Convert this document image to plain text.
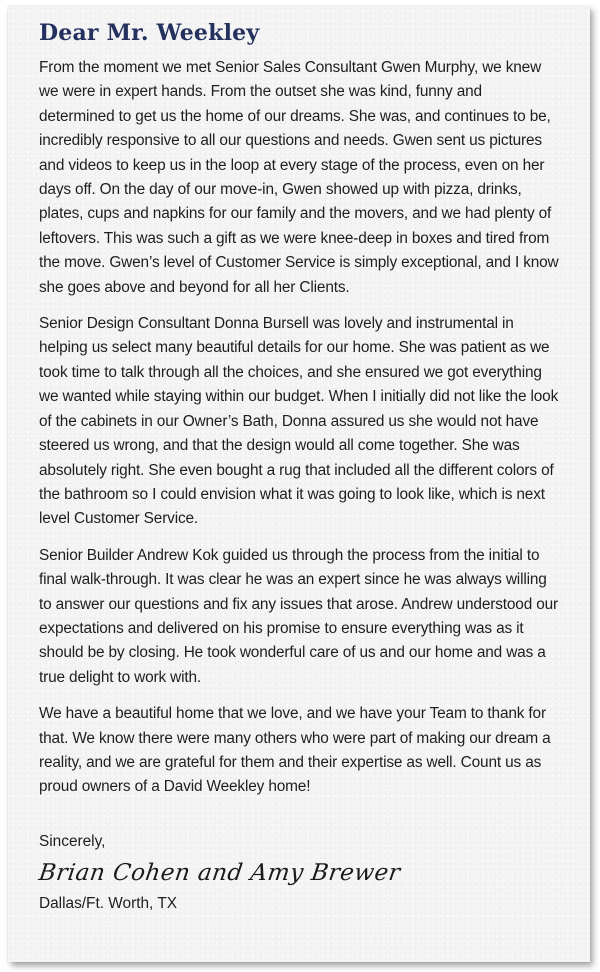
Dear Mr. Weekley

From the moment we met Senior Sales Consultant Gwen Murphy, we knew we were in expert hands. From the outset she was kind, funny and determined to get us the home of our dreams. She was, and continues to be, incredibly responsive to all our questions and needs. Gwen sent us pictures and videos to keep us in the loop at every stage of the process, even on her days off. On the day of our move-in, Gwen showed up with pizza, drinks, plates, cups and napkins for our family and the movers, and we had plenty of leftovers. This was such a gift as we were knee-deep in boxes and tired from the move. Gwen’s level of Customer Service is simply exceptional, and I know she goes above and beyond for all her Clients.

Senior Design Consultant Donna Bursell was lovely and instrumental in helping us select many beautiful details for our home. She was patient as we took time to talk through all the choices, and she ensured we got everything we wanted while staying within our budget. When I initially did not like the look of the cabinets in our Owner’s Bath, Donna assured us she would not have steered us wrong, and that the design would all come together. She was absolutely right. She even bought a rug that included all the different colors of the bathroom so I could envision what it was going to look like, which is next level Customer Service.

Senior Builder Andrew Kok guided us through the process from the initial to final walk-through. It was clear he was an expert since he was always willing to answer our questions and fix any issues that arose. Andrew understood our expectations and delivered on his promise to ensure everything was as it should be by closing. He took wonderful care of us and our home and was a true delight to work with.

We have a beautiful home that we love, and we have your Team to thank for that. We know there were many others who were part of making our dream a reality, and we are grateful for them and their expertise as well. Count us as proud owners of a David Weekley home!

Sincerely,
Brian Cohen and Amy Brewer
Dallas/Ft. Worth, TX
